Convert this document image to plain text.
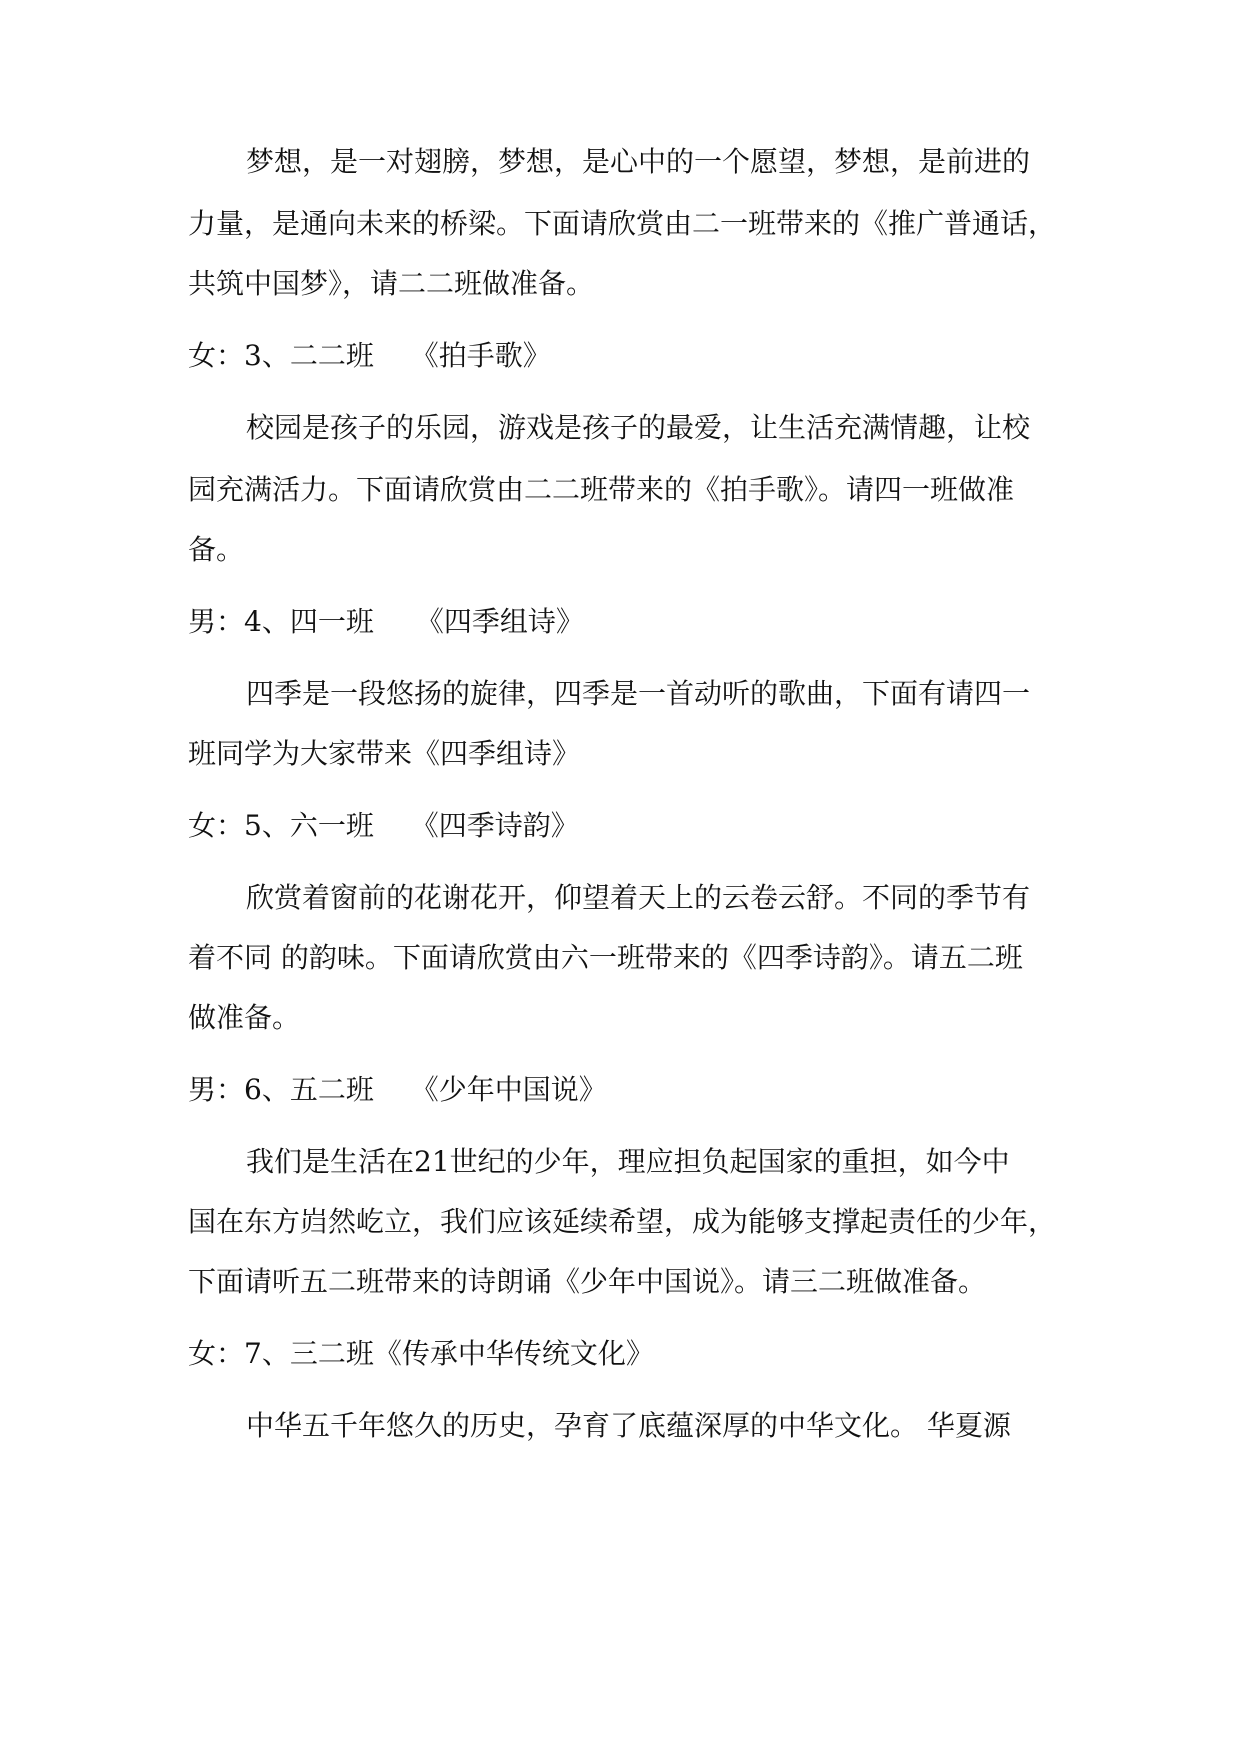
梦想，是一对翅膀，梦想，是心中的一个愿望，梦想，是前进的
力量，是通向未来的桥梁。下面请欣赏由二一班带来的《推广普通话，
共筑中国梦》，请二二班做准备。
女：3、二二班　 《拍手歌》
校园是孩子的乐园，游戏是孩子的最爱，让生活充满情趣，让校
园充满活力。下面请欣赏由二二班带来的《拍手歌》。请四一班做准
备。
男：4、四一班　　《四季组诗》
四季是一段悠扬的旋律，四季是一首动听的歌曲，下面有请四一
班同学为大家带来《四季组诗》
女：5、六一班　 《四季诗韵》
欣赏着窗前的花谢花开，仰望着天上的云卷云舒。不同的季节有
着不同 的韵味。下面请欣赏由六一班带来的《四季诗韵》。请五二班
做准备。
男：6、五二班　 《少年中国说》
我们是生活在21世纪的少年，理应担负起国家的重担，如今中
国在东方岿然屹立，我们应该延续希望，成为能够支撑起责任的少年，
下面请听五二班带来的诗朗诵《少年中国说》。请三二班做准备。
女：7、三二班《传承中华传统文化》
中华五千年悠久的历史，孕育了底蕴深厚的中华文化。 华夏源
